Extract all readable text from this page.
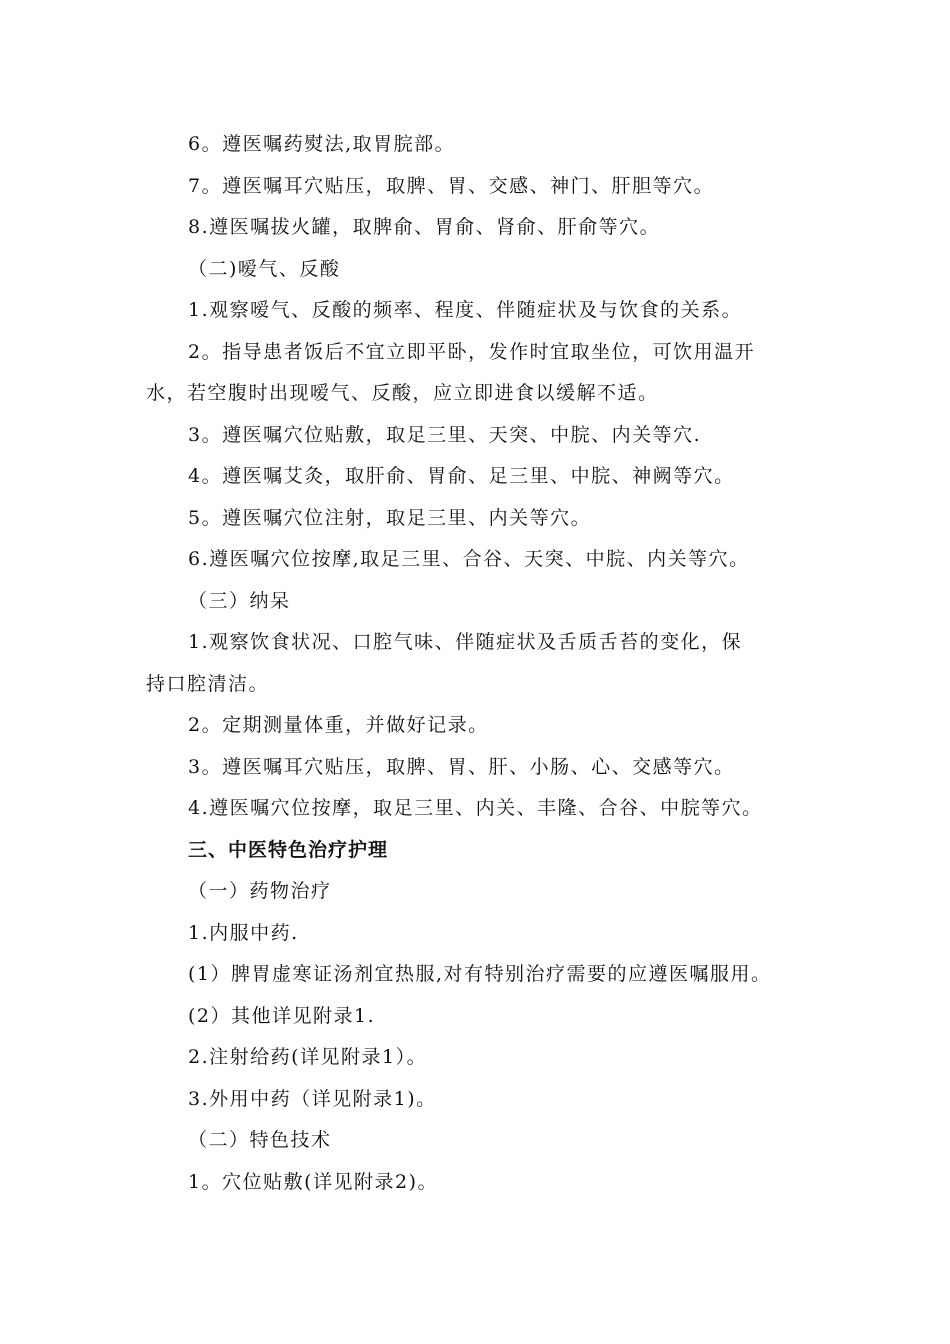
6。遵医嘱药熨法,取胃脘部。
7。遵医嘱耳穴贴压，取脾、胃、交感、神门、肝胆等穴。
8.遵医嘱拔火罐，取脾俞、胃俞、肾俞、肝俞等穴。
（二)嗳气、反酸
1.观察嗳气、反酸的频率、程度、伴随症状及与饮食的关系。
2。指导患者饭后不宜立即平卧，发作时宜取坐位，可饮用温开
水，若空腹时出现嗳气、反酸，应立即进食以缓解不适。
3。遵医嘱穴位贴敷，取足三里、天突、中脘、内关等穴.
4。遵医嘱艾灸，取肝俞、胃俞、足三里、中脘、神阙等穴。
5。遵医嘱穴位注射，取足三里、内关等穴。
6.遵医嘱穴位按摩,取足三里、合谷、天突、中脘、内关等穴。
（三）纳呆
1.观察饮食状况、口腔气味、伴随症状及舌质舌苔的变化，保
持口腔清洁。
2。定期测量体重，并做好记录。
3。遵医嘱耳穴贴压，取脾、胃、肝、小肠、心、交感等穴。
4.遵医嘱穴位按摩，取足三里、内关、丰隆、合谷、中脘等穴。
三、中医特色治疗护理
（一）药物治疗
1.内服中药.
(1）脾胃虚寒证汤剂宜热服,对有特别治疗需要的应遵医嘱服用。
(2）其他详见附录1.
2.注射给药(详见附录1）。
3.外用中药（详见附录1)。
（二）特色技术
1。穴位贴敷(详见附录2)。
